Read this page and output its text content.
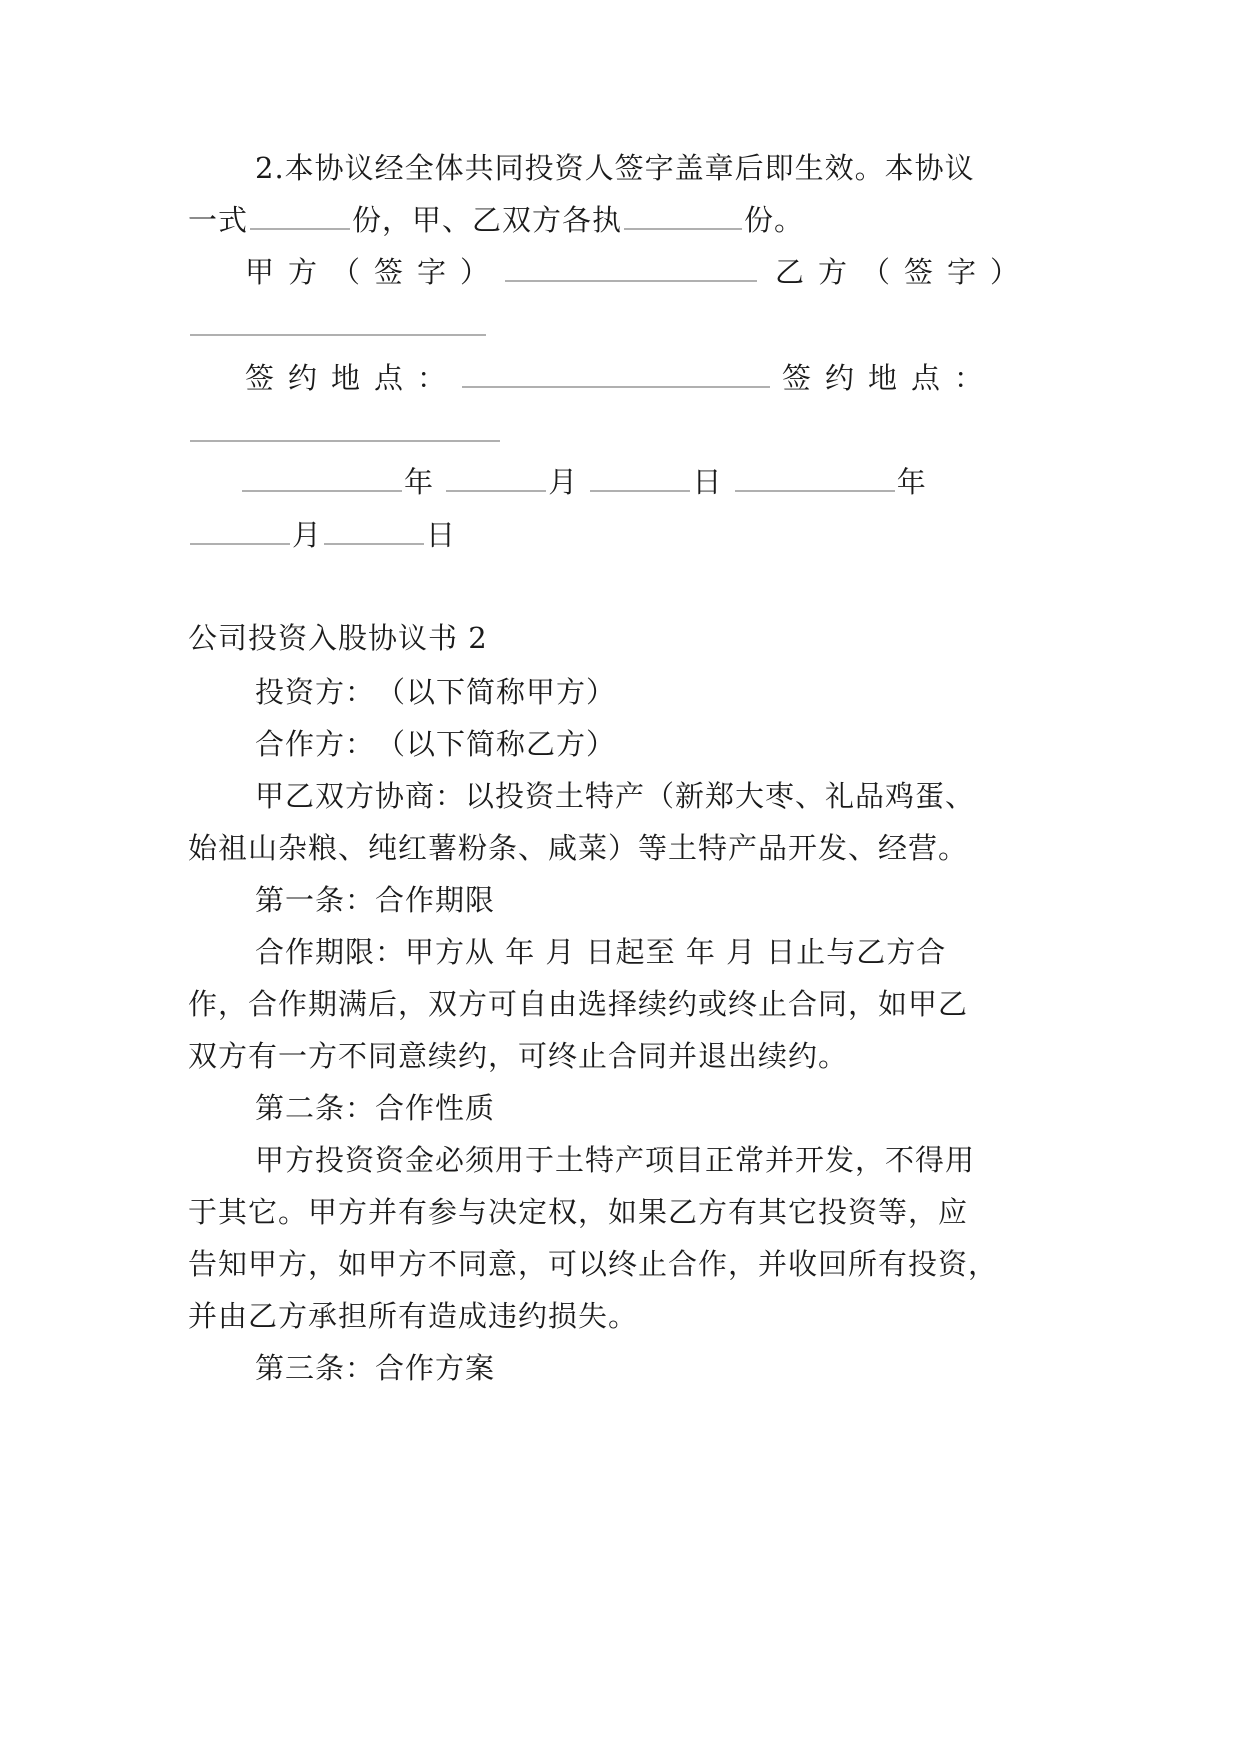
2.本协议经全体共同投资人签字盖章后即生效。本协议
一式	份，甲、乙双方各执	份。
甲方（签字）	乙方（签字）
签约地点：	签约地点：
年	月	日	年
月	日
公司投资入股协议书 2
投资方：　（以下简称甲方）
合作方：　（以下简称乙方）
甲乙双方协商：以投资土特产（新郑大枣、礼品鸡蛋、
始祖山杂粮、纯红薯粉条、咸菜）等土特产品开发、经营。
第一条：合作期限
合作期限：甲方从 年 月 日起至 年 月 日止与乙方合
作，合作期满后，双方可自由选择续约或终止合同，如甲乙
双方有一方不同意续约，可终止合同并退出续约。
第二条：合作性质
甲方投资资金必须用于土特产项目正常并开发，不得用
于其它。甲方并有参与决定权，如果乙方有其它投资等，应
告知甲方，如甲方不同意，可以终止合作，并收回所有投资，
并由乙方承担所有造成违约损失。
第三条：合作方案
